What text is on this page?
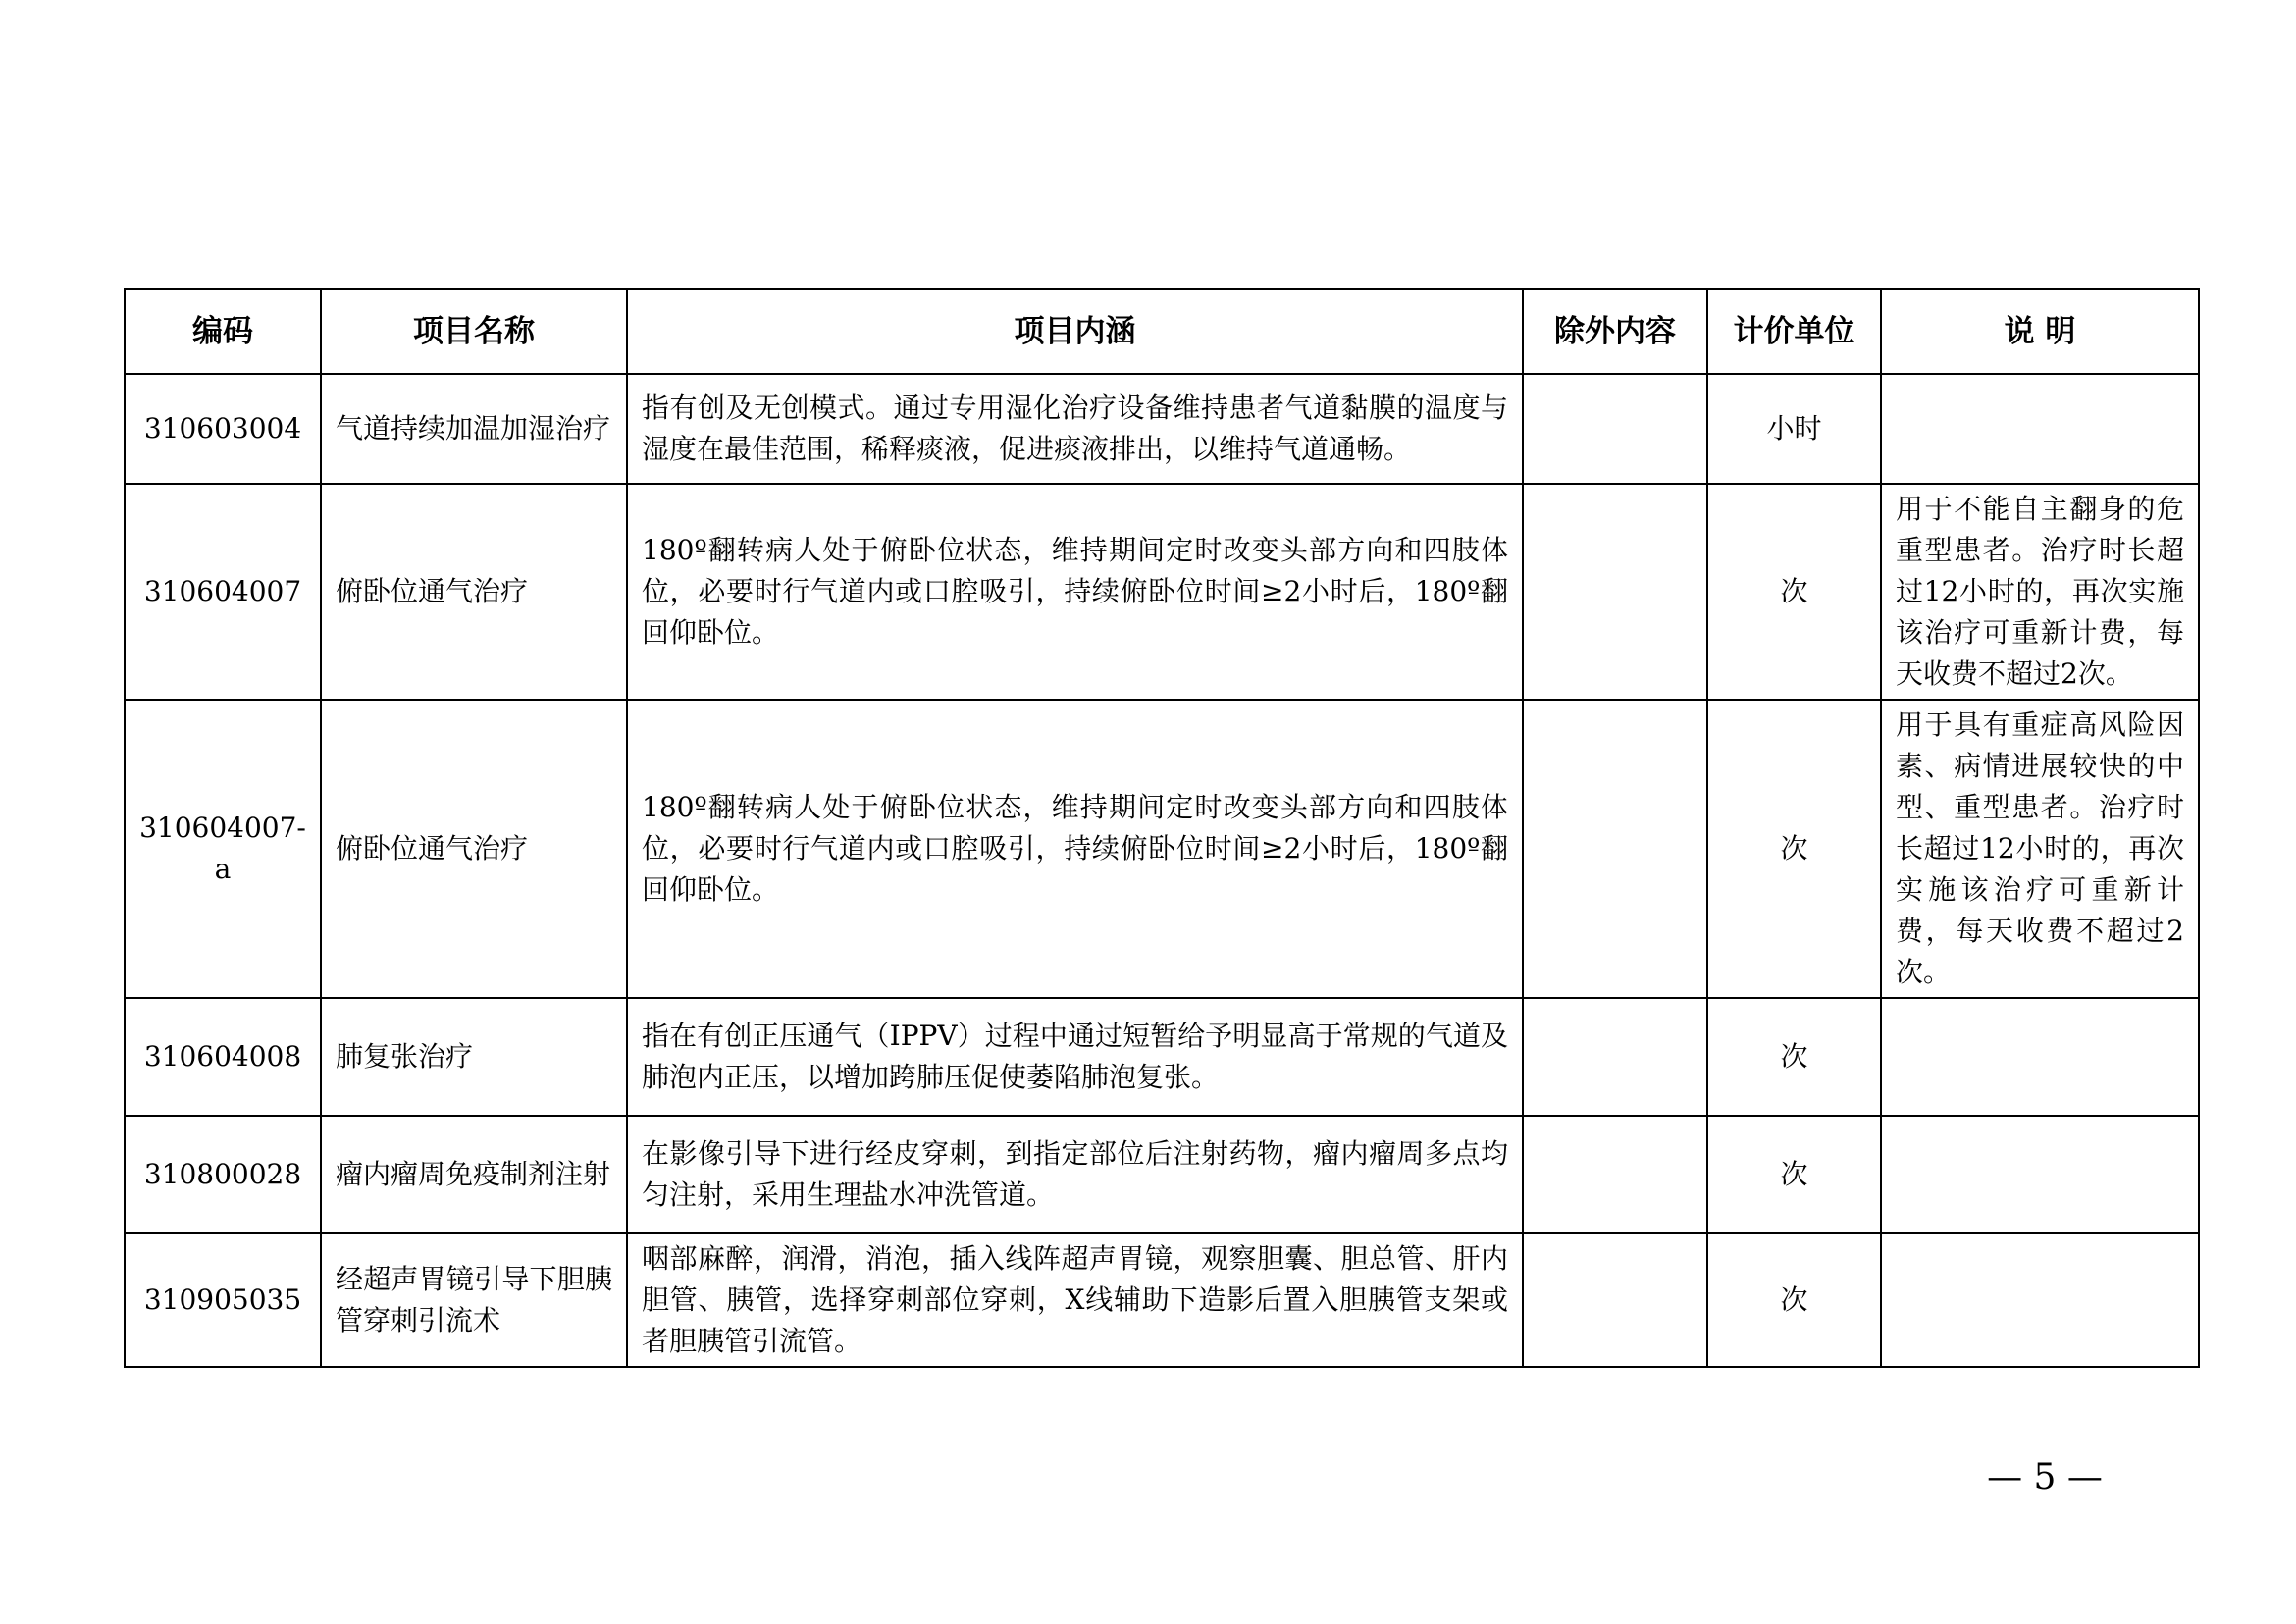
编码	项目名称	项目内涵	除外内容	计价单位	说 明
310603004	气道持续加温加湿治疗	指有创及无创模式。通过专用湿化治疗设备维持患者气道黏膜的温度与湿度在最佳范围，稀释痰液，促进痰液排出，以维持气道通畅。		小时	
310604007	俯卧位通气治疗	180º翻转病人处于俯卧位状态，维持期间定时改变头部方向和四肢体位，必要时行气道内或口腔吸引，持续俯卧位时间≥2小时后，180º翻回仰卧位。		次	用于不能自主翻身的危重型患者。治疗时长超过12小时的，再次实施该治疗可重新计费，每天收费不超过2次。
310604007-a	俯卧位通气治疗	180º翻转病人处于俯卧位状态，维持期间定时改变头部方向和四肢体位，必要时行气道内或口腔吸引，持续俯卧位时间≥2小时后，180º翻回仰卧位。		次	用于具有重症高风险因素、病情进展较快的中型、重型患者。治疗时长超过12小时的，再次实施该治疗可重新计费，每天收费不超过2次。
310604008	肺复张治疗	指在有创正压通气（IPPV）过程中通过短暂给予明显高于常规的气道及肺泡内正压，以增加跨肺压促使萎陷肺泡复张。		次	
310800028	瘤内瘤周免疫制剂注射	在影像引导下进行经皮穿刺，到指定部位后注射药物，瘤内瘤周多点均匀注射，采用生理盐水冲洗管道。		次	
310905035	经超声胃镜引导下胆胰管穿刺引流术	咽部麻醉，润滑，消泡，插入线阵超声胃镜，观察胆囊、胆总管、肝内胆管、胰管，选择穿刺部位穿刺，X线辅助下造影后置入胆胰管支架或者胆胰管引流管。		次	
— 5 —
